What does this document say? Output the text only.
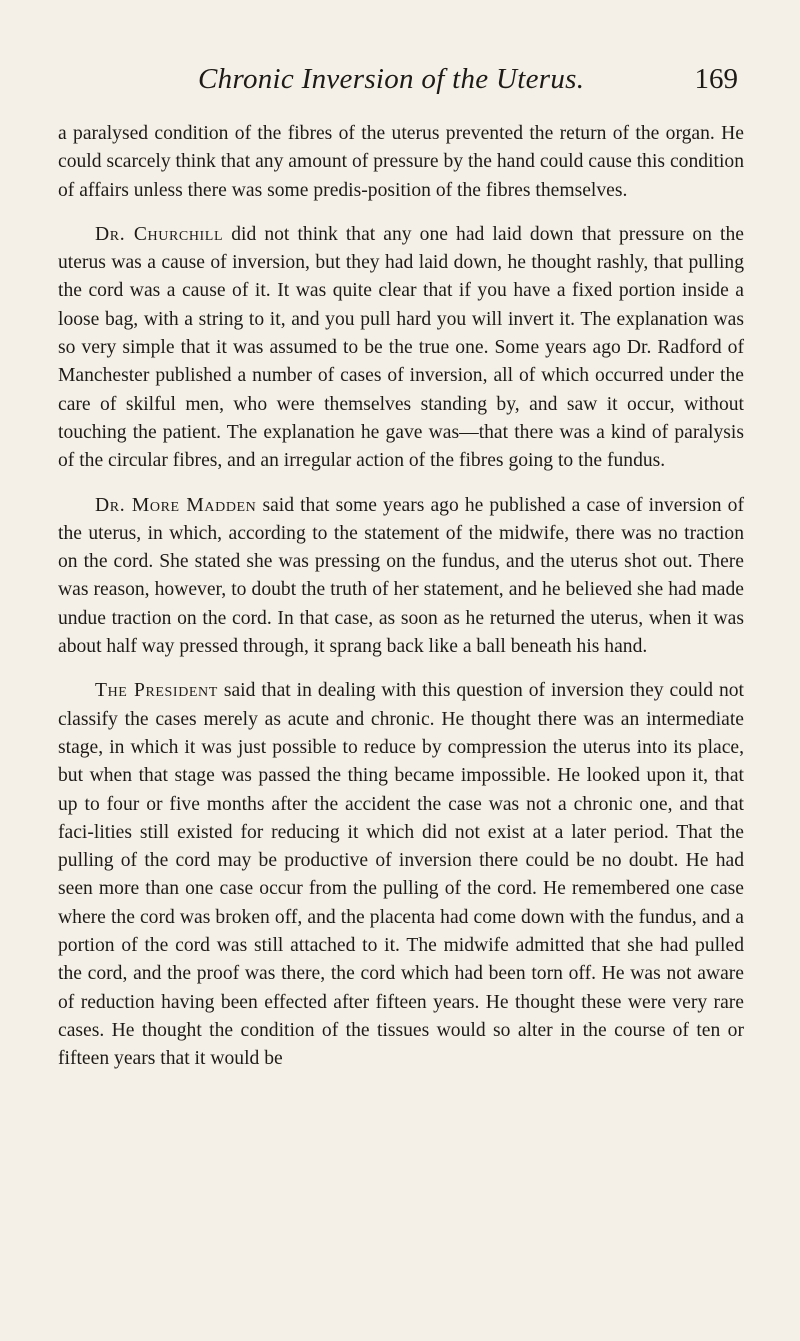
Chronic Inversion of the Uterus.	169

a paralysed condition of the fibres of the uterus prevented the return of the organ. He could scarcely think that any amount of pressure by the hand could cause this condition of affairs unless there was some predis-position of the fibres themselves.

Dr. Churchill did not think that any one had laid down that pressure on the uterus was a cause of inversion, but they had laid down, he thought rashly, that pulling the cord was a cause of it. It was quite clear that if you have a fixed portion inside a loose bag, with a string to it, and you pull hard you will invert it. The explanation was so very simple that it was assumed to be the true one. Some years ago Dr. Radford of Manchester published a number of cases of inversion, all of which occurred under the care of skilful men, who were themselves standing by, and saw it occur, without touching the patient. The explanation he gave was—that there was a kind of paralysis of the circular fibres, and an irregular action of the fibres going to the fundus.

Dr. More Madden said that some years ago he published a case of inversion of the uterus, in which, according to the statement of the midwife, there was no traction on the cord. She stated she was pressing on the fundus, and the uterus shot out. There was reason, however, to doubt the truth of her statement, and he believed she had made undue traction on the cord. In that case, as soon as he returned the uterus, when it was about half way pressed through, it sprang back like a ball beneath his hand.

The President said that in dealing with this question of inversion they could not classify the cases merely as acute and chronic. He thought there was an intermediate stage, in which it was just possible to reduce by compression the uterus into its place, but when that stage was passed the thing became impossible. He looked upon it, that up to four or five months after the accident the case was not a chronic one, and that faci-lities still existed for reducing it which did not exist at a later period. That the pulling of the cord may be productive of inversion there could be no doubt. He had seen more than one case occur from the pulling of the cord. He remembered one case where the cord was broken off, and the placenta had come down with the fundus, and a portion of the cord was still attached to it. The midwife admitted that she had pulled the cord, and the proof was there, the cord which had been torn off. He was not aware of reduction having been effected after fifteen years. He thought these were very rare cases. He thought the condition of the tissues would so alter in the course of ten or fifteen years that it would be
